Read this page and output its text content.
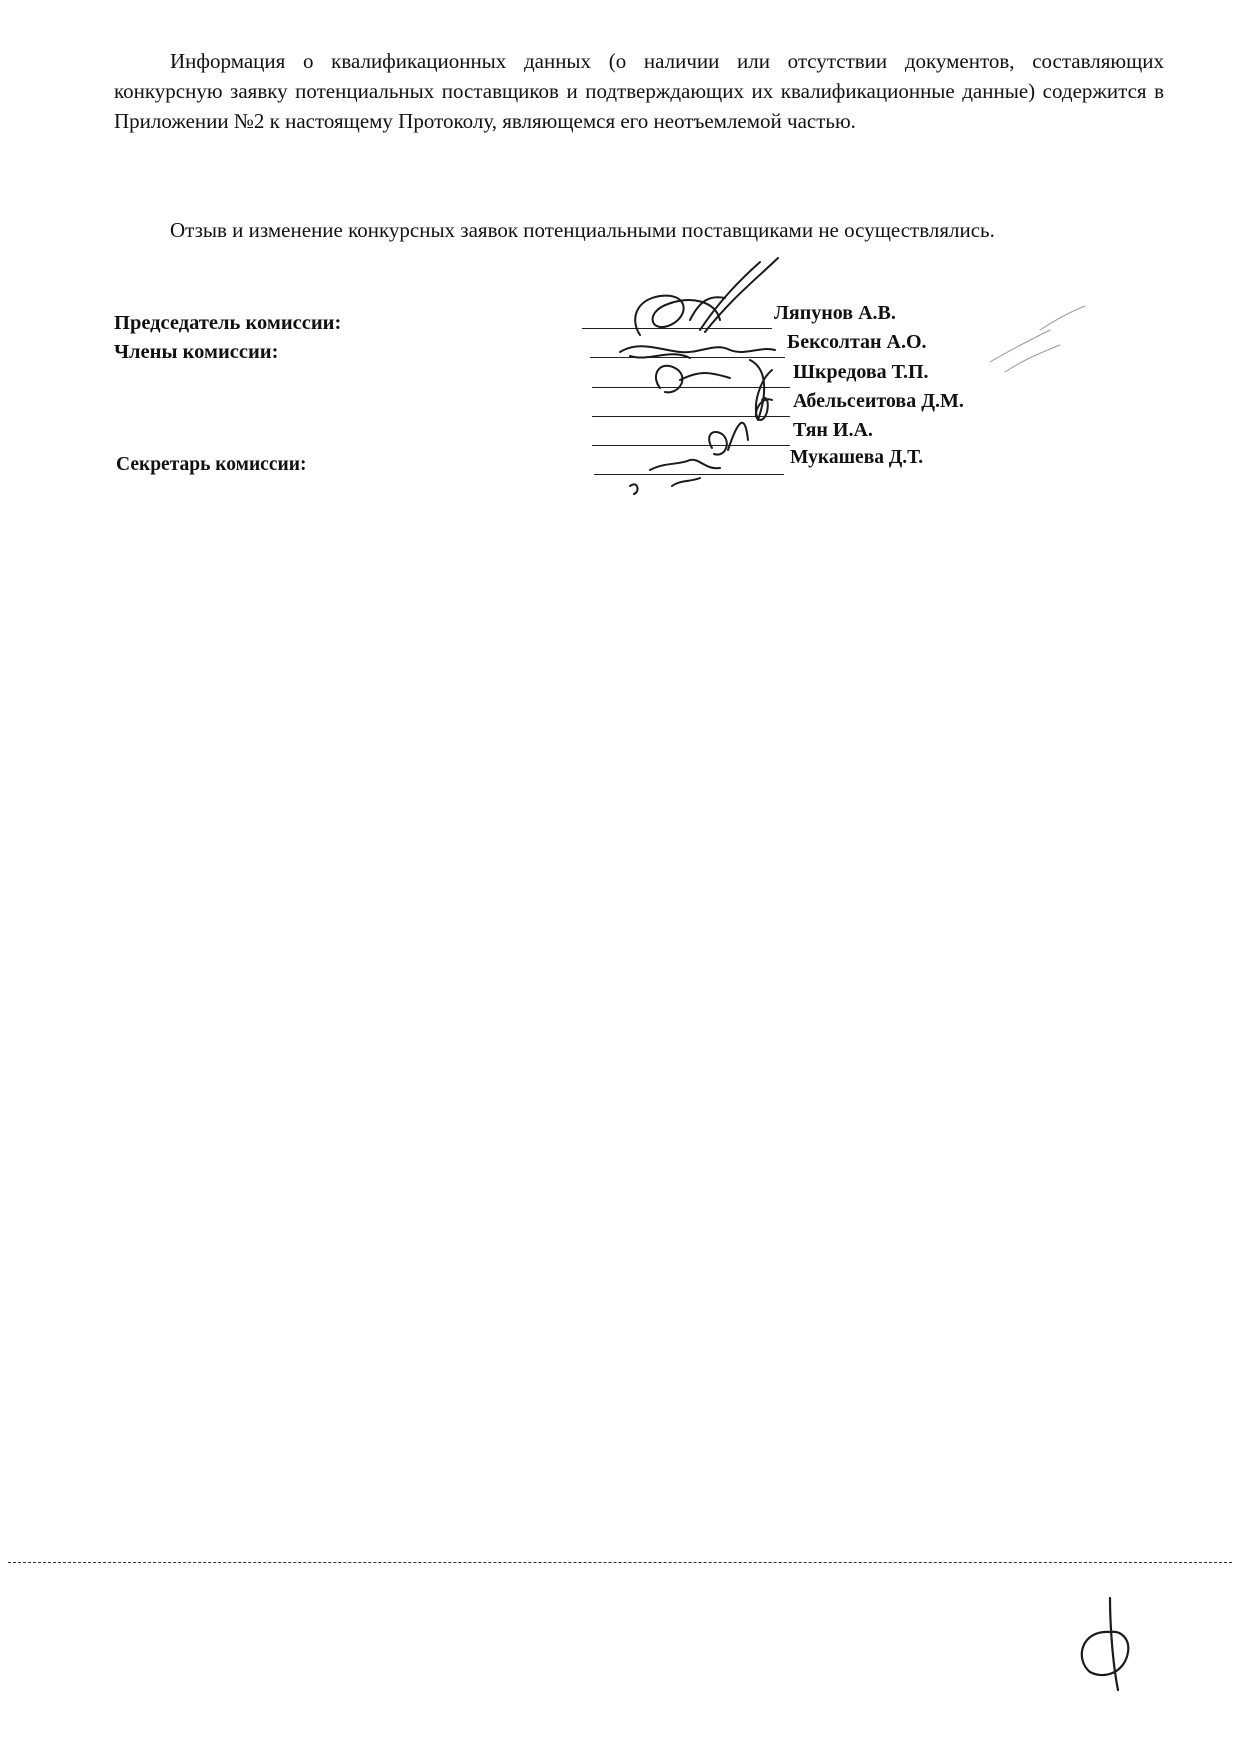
Информация о квалификационных данных (о наличии или отсутствии документов, составляющих конкурсную заявку потенциальных поставщиков и подтверждающих их квалификационные данные) содержится в Приложении №2 к настоящему Протоколу, являющемся его неотъемлемой частью.

Отзыв и изменение конкурсных заявок потенциальными поставщиками не осуществлялись.

Председатель комиссии:
Члены комиссии:
Секретарь комиссии:
Ляпунов А.В.
Бексолтан А.О.
Шкредова Т.П.
Абельсеитова Д.М.
Тян И.А.
Мукашева Д.Т.
